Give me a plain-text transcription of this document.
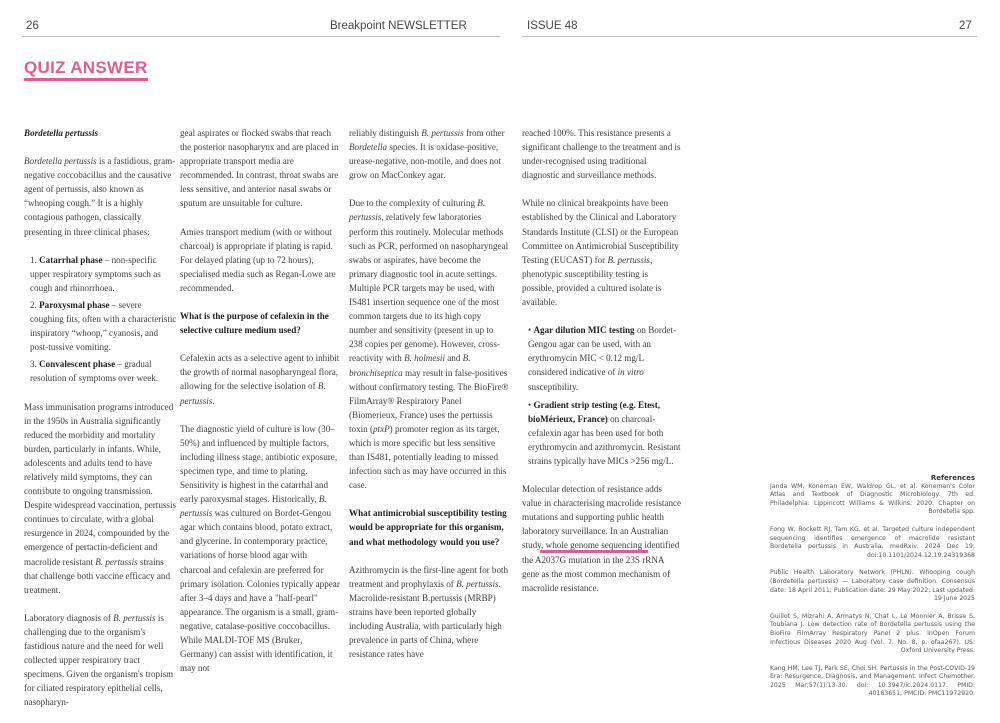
26	Breakpoint NEWSLETTER	ISSUE 48	27
QUIZ ANSWER
Bordetella pertussis

Bordetella pertussis is a fastidious, gram-negative coccobacillus and the causative agent of pertussis, also known as “whooping cough.” It is a highly contagious pathogen, classically presenting in three clinical phases:

1. Catarrhal phase – non-specific upper respiratory symptoms such as cough and rhinorrhoea.
2. Paroxysmal phase – severe coughing fits, often with a characteristic inspiratory “whoop,” cyanosis, and post-tussive vomiting.
3. Convalescent phase – gradual resolution of symptoms over week.

Mass immunisation programs introduced in the 1950s in Australia significantly reduced the morbidity and mortality burden, particularly in infants. While, adolescents and adults tend to have relatively mild symptoms, they can contribute to ongoing transmission. Despite widespread vaccination, pertussis continues to circulate, with a global resurgence in 2024, compounded by the emergence of pertactin-deficient and macrolide resistant B. pertussis strains that challenge both vaccine efficacy and treatment.

Laboratory diagnosis of B. pertussis is challenging due to the organism's fastidious nature and the need for well collected upper respiratory tract specimens. Given the organism's tropism for ciliated respiratory epithelial cells, nasopharyn-

geal aspirates or flocked swabs that reach the posterior nasopharynx and are placed in appropriate transport media are recommended. In contrast, throat swabs are less sensitive, and anterior nasal swabs or sputum are unsuitable for culture.

Amies transport medium (with or without charcoal) is appropriate if plating is rapid. For delayed plating (up to 72 hours), specialised media such as Regan-Lowe are recommended.

What is the purpose of cefalexin in the selective culture medium used?

Cefalexin acts as a selective agent to inhibit the growth of normal nasopharyngeal flora, allowing for the selective isolation of B. pertussis.

The diagnostic yield of culture is low (30–50%) and influenced by multiple factors, including illness stage, antibiotic exposure, specimen type, and time to plating. Sensitivity is highest in the catarrhal and early paroxysmal stages. Historically, B. pertussis was cultured on Bordet-Gengou agar which contains blood, potato extract, and glycerine. In contemporary practice, variations of horse blood agar with charcoal and cefalexin are preferred for primary isolation. Colonies typically appear after 3–4 days and have a "half-pearl" appearance. The organism is a small, gram-negative, catalase-positive coccobacillus. While MALDI-TOF MS (Bruker, Germany) can assist with identification, it may not

reliably distinguish B. pertussis from other Bordetella species. It is oxidase-positive, urease-negative, non-motile, and does not grow on MacConkey agar.

Due to the complexity of culturing B. pertussis, relatively few laboratories perform this routinely. Molecular methods such as PCR, performed on nasopharyngeal swabs or aspirates, have become the primary diagnostic tool in acute settings. Multiple PCR targets may be used, with IS481 insertion sequence one of the most common targets due to its high copy number and sensitivity (present in up to 238 copies per genome). However, cross-reactivity with B. holmesii and B. bronchiseptica may result in false-positives without confirmatory testing. The BioFire® FilmArray® Respiratory Panel (Biomerieux, France) uses the pertussis toxin (ptxP) promoter region as its target, which is more specific but less sensitive than IS481, potentially leading to missed infection such as may have occurred in this case.

What antimicrobial susceptibility testing would be appropriate for this organism, and what methodology would you use?

Azithromycin is the first-line agent for both treatment and prophylaxis of B. pertussis. Macrolide-resistant B.pertussis (MRBP) strains have been reported globally including Australia, with particularly high prevalence in parts of China, where resistance rates have

reached 100%. This resistance presents a significant challenge to the treatment and is under-recognised using traditional diagnostic and surveillance methods.

While no clinical breakpoints have been established by the Clinical and Laboratory Standards Institute (CLSI) or the European Committee on Antimicrobial Susceptibility Testing (EUCAST) for B. pertussis, phenotypic susceptibility testing is possible, provided a cultured isolate is available.

• Agar dilution MIC testing on Bordet-Gengou agar can be used, with an erythromycin MIC < 0.12 mg/L considered indicative of in vitro susceptibility.
• Gradient strip testing (e.g. Etest, bioMérieux, France) on charcoal-cefalexin agar has been used for both erythromycin and azithromycin. Resistant strains typically have MICs >256 mg/L.

Molecular detection of resistance adds value in characterising macrolide resistance mutations and supporting public health laboratory surveillance. In an Australian study, whole genome sequencing identified the A2037G mutation in the 23S rRNA gene as the most common mechanism of macrolide resistance.

References

Janda WM, Koneman EW, Waldrop GL, et al. Koneman's Color Atlas and Textbook of Diagnostic Microbiology. 7th ed. Philadelphia: Lippincott Williams & Wilkins; 2020. Chapter on Bordetella spp.

Fong W, Rockett RJ, Tam KG, et al. Targeted culture independent sequencing identifies emergence of macrolide resistant Bordetella pertussis in Australia. medRxiv. 2024 Dec 19; doi:10.1101/2024.12.19.24319368

Public Health Laboratory Network (PHLN). Whooping cough (Bordetella pertussis) — Laboratory case definition. Consensus date: 18 April 2011; Publication date: 29 May 2022; Last updated: 19 June 2025

Guillot S, Mizrahi A, Armatys N, Chat L, Le Monnier A, Brisse S, Toubiana J. Low detection rate of Bordetella pertussis using the BioFire FilmArray Respiratory Panel 2 plus. InOpen Forum Infectious Diseases 2020 Aug (Vol. 7, No. 8, p. ofaa267). US: Oxford University Press.

Kang HM, Lee TJ, Park SE, Choi SH. Pertussis in the Post-COVID-19 Era: Resurgence, Diagnosis, and Management. Infect Chemother. 2025 Mar;57(1):13-30. doi: 10.3947/ic.2024.0117. PMID: 40183651; PMCID: PMC11972920.
